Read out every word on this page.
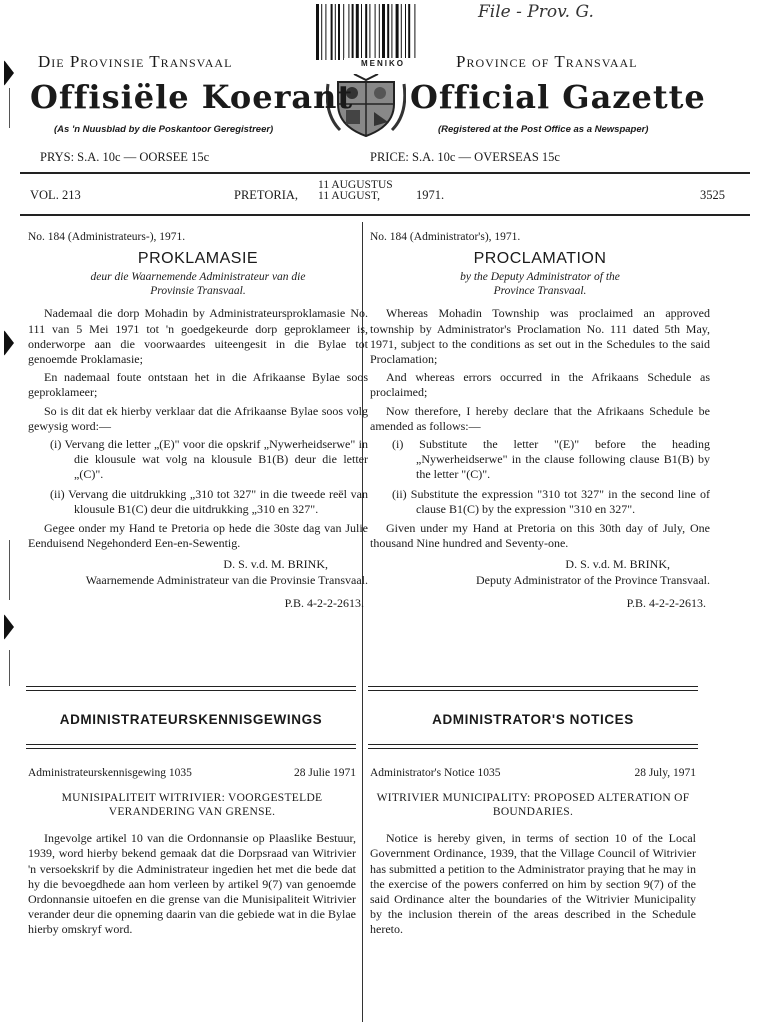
File - Prov. G.
MENIKO
Die Provinsie Transvaal	Province of Transvaal
Offisiële Koerant Official Gazette
(As 'n Nuusblad by die Poskantoor Geregistreer)	(Registered at the Post Office as a Newspaper)
PRYS: S.A. 10c — OORSEE 15c	PRICE: S.A. 10c — OVERSEAS 15c
VOL. 213	PRETORIA,
11 AUGUSTUS
11 AUGUST,	1971.	3525
No. 184 (Administrateurs-), 1971.
PROKLAMASIE
deur die Waarnemende Administrateur van die
Provinsie Transvaal.

Nademaal die dorp Mohadin by Administrateursproklamasie No. 111 van 5 Mei 1971 tot 'n goedgekeurde dorp geproklameer is, onderworpe aan die voorwaardes uiteengesit in die Bylae tot genoemde Proklamasie;

En nademaal foute ontstaan het in die Afrikaanse Bylae soos geproklameer;

So is dit dat ek hierby verklaar dat die Afrikaanse Bylae soos volg gewysig word:—

(i) Vervang die letter „(E)" voor die opskrif „Nywerheidserwe" in die klousule wat volg na klousule B1(B) deur die letter „(C)".
(ii) Vervang die uitdrukking „310 tot 327" in die tweede reël van klousule B1(C) deur die uitdrukking „310 en 327".

Gegee onder my Hand te Pretoria op hede die 30ste dag van Julie Eenduisend Negehonderd Een-en-Sewentig.

D. S. v.d. M. BRINK,
Waarnemende Administrateur van die Provinsie Transvaal.
P.B. 4-2-2-2613.
No. 184 (Administrator's), 1971.
PROCLAMATION
by the Deputy Administrator of the
Province Transvaal.

Whereas Mohadin Township was proclaimed an approved township by Administrator's Proclamation No. 111 dated 5th May, 1971, subject to the conditions as set out in the Schedules to the said Proclamation;

And whereas errors occurred in the Afrikaans Schedule as proclaimed;

Now therefore, I hereby declare that the Afrikaans Schedule be amended as follows:—

(i) Substitute the letter "(E)" before the heading „Nywerheidserwe" in the clause following clause B1(B) by the letter "(C)".
(ii) Substitute the expression "310 tot 327" in the second line of clause B1(C) by the expression "310 en 327".

Given under my Hand at Pretoria on this 30th day of July, One thousand Nine hundred and Seventy-one.

D. S. v.d. M. BRINK,
Deputy Administrator of the Province Transvaal.
P.B. 4-2-2-2613.
ADMINISTRATEURSKENNISGEWINGS	ADMINISTRATOR'S NOTICES
Administrateurskennisgewing 1035	28 Julie 1971
MUNISIPALITEIT WITRIVIER: VOORGESTELDE VERANDERING VAN GRENSE.

Ingevolge artikel 10 van die Ordonnansie op Plaaslike Bestuur, 1939, word hierby bekend gemaak dat die Dorpsraad van Witrivier 'n versoekskrif by die Administrateur ingedien het met die bede dat hy die bevoegdhede aan hom verleen by artikel 9(7) van genoemde Ordonnansie uitoefen en die grense van die Munisipaliteit Witrivier verander deur die opneming daarin van die gebiede wat in die Bylae hierby omskryf word.

Administrator's Notice 1035	28 July, 1971
WITRIVIER MUNICIPALITY: PROPOSED ALTERATION OF BOUNDARIES.

Notice is hereby given, in terms of section 10 of the Local Government Ordinance, 1939, that the Village Council of Witrivier has submitted a petition to the Administrator praying that he may in the exercise of the powers conferred on him by section 9(7) of the said Ordinance alter the boundaries of the Witrivier Municipality by the inclusion therein of the areas described in the Schedule hereto.
